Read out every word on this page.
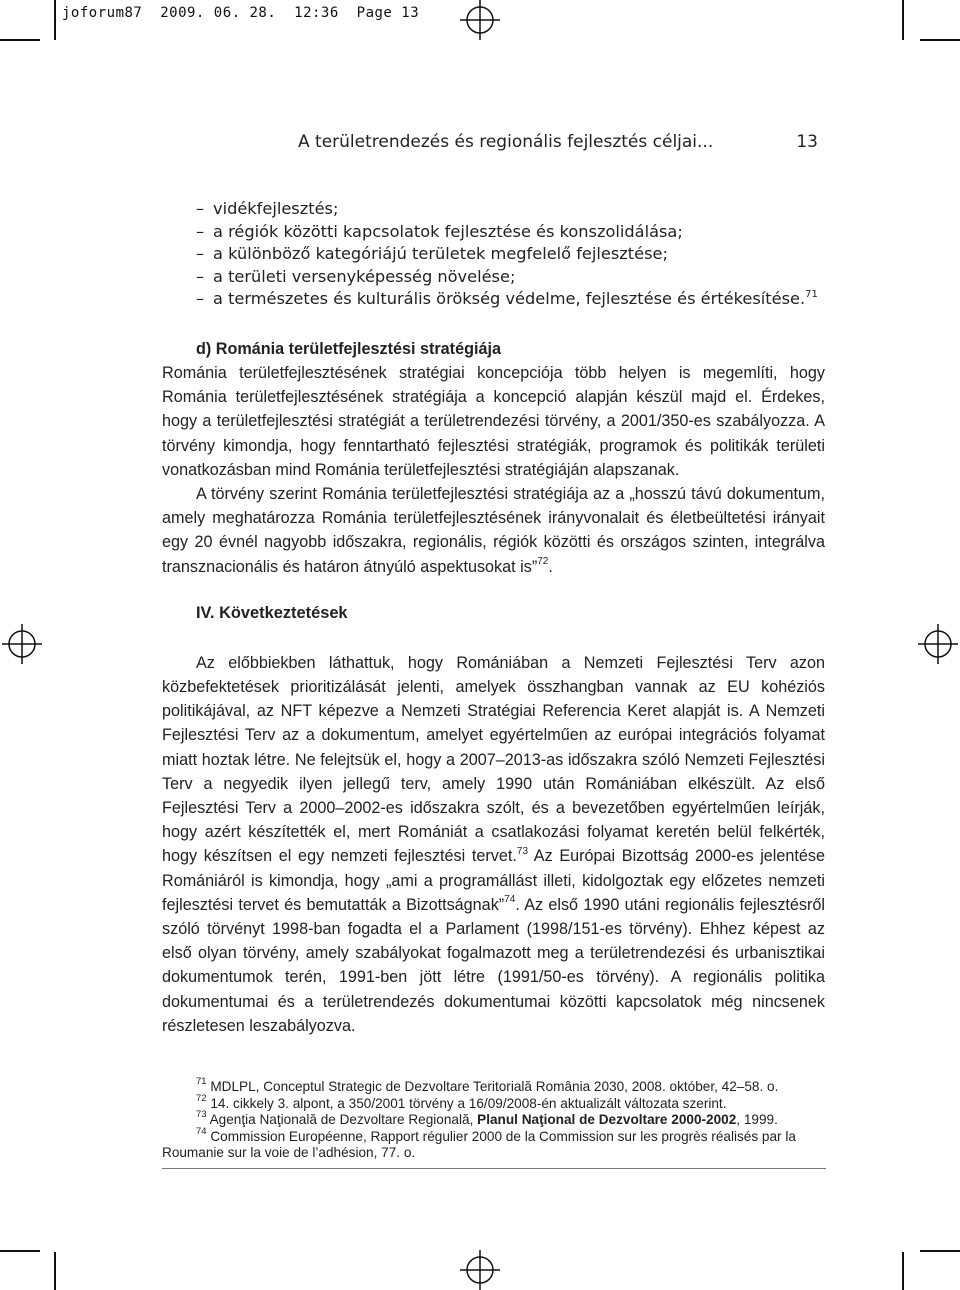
joforum87  2009. 06. 28.  12:36  Page 13
A területrendezés és regionális fejlesztés céljai...	13
– vidékfejlesztés;
– a régiók közötti kapcsolatok fejlesztése és konszolidálása;
– a különböző kategóriájú területek megfelelő fejlesztése;
– a területi versenyképesség növelése;
– a természetes és kulturális örökség védelme, fejlesztése és értékesítése.$^{71}$

d) Románia területfejlesztési stratégiája

Románia területfejlesztésének stratégiai koncepciója több helyen is megemlíti, hogy Románia területfejlesztésének stratégiája a koncepció alapján készül majd el. Érdekes, hogy a területfejlesztési stratégiát a területrendezési törvény, a 2001/350-es szabályozza. A törvény kimondja, hogy fenntartható fejlesztési stratégiák, programok és politikák területi vonatkozásban mind Románia területfejlesztési stratégiáján alapszanak.

A törvény szerint Románia területfejlesztési stratégiája az a „hosszú távú dokumentum, amely meghatározza Románia területfejlesztésének irányvonalait és életbeültetési irányait egy 20 évnél nagyobb időszakra, regionális, régiók közötti és országos szinten, integrálva transznacionális és határon átnyúló aspektusokat is”$^{72}$.

IV. Következtetések

Az előbbiekben láthattuk, hogy Romániában a Nemzeti Fejlesztési Terv azon közbefektetések prioritizálását jelenti, amelyek összhangban vannak az EU kohéziós politikájával, az NFT képezve a Nemzeti Stratégiai Referencia Keret alapját is. A Nemzeti Fejlesztési Terv az a dokumentum, amelyet egyértelműen az európai integrációs folyamat miatt hoztak létre. Ne felejtsük el, hogy a 2007–2013-as időszakra szóló Nemzeti Fejlesztési Terv a negyedik ilyen jellegű terv, amely 1990 után Romániában elkészült. Az első Fejlesztési Terv a 2000–2002-es időszakra szólt, és a bevezetőben egyértelműen leírják, hogy azért készítették el, mert Romániát a csatlakozási folyamat keretén belül felkérték, hogy készítsen el egy nemzeti fejlesztési tervet.$^{73}$ Az Európai Bizottság 2000-es jelentése Romániáról is kimondja, hogy „ami a programállást illeti, kidolgoztak egy előzetes nemzeti fejlesztési tervet és bemutatták a Bizottságnak”$^{74}$. Az első 1990 utáni regionális fejlesztésről szóló törvényt 1998-ban fogadta el a Parlament (1998/151-es törvény). Ehhez képest az első olyan törvény, amely szabályokat fogalmazott meg a területrendezési és urbanisztikai dokumentumok terén, 1991-ben jött létre (1991/50-es törvény). A regionális politika dokumentumai és a területrendezés dokumentumai közötti kapcsolatok még nincsenek részletesen leszabályozva.

$^{71}$ MDLPL, Conceptul Strategic de Dezvoltare Teritorială România 2030, 2008. október, 42–58. o.

$^{72}$ 14. cikkely 3. alpont, a 350/2001 törvény a 16/09/2008-én aktualizált változata szerint.

$^{73}$ Agenţia Naţională de Dezvoltare Regională, Planul Naţional de Dezvoltare 2000-2002, 1999.

$^{74}$ Commission Européenne, Rapport régulier 2000 de la Commission sur les progrès réalisés par la Roumanie sur la voie de l’adhésion, 77. o.
